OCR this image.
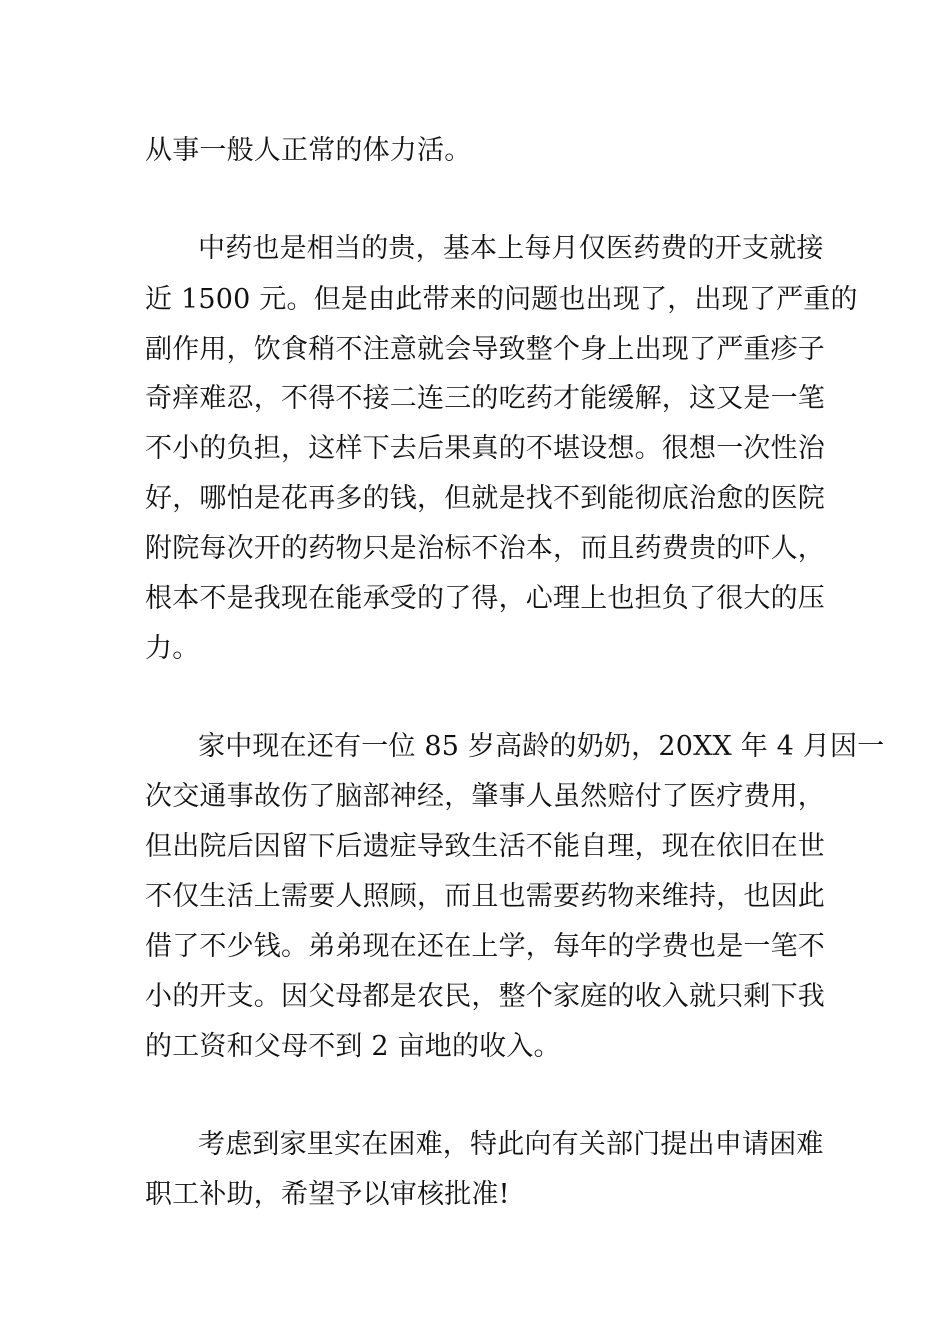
从事一般人正常的体力活。
中药也是相当的贵，基本上每月仅医药费的开支就接
近 1500 元。但是由此带来的问题也出现了，出现了严重的
副作用，饮食稍不注意就会导致整个身上出现了严重疹子
奇痒难忍，不得不接二连三的吃药才能缓解，这又是一笔
不小的负担，这样下去后果真的不堪设想。很想一次性治
好，哪怕是花再多的钱，但就是找不到能彻底治愈的医院
附院每次开的药物只是治标不治本，而且药费贵的吓人，
根本不是我现在能承受的了得，心理上也担负了很大的压
力。
家中现在还有一位 85 岁高龄的奶奶，20XX 年 4 月因一
次交通事故伤了脑部神经，肇事人虽然赔付了医疗费用，
但出院后因留下后遗症导致生活不能自理，现在依旧在世
不仅生活上需要人照顾，而且也需要药物来维持，也因此
借了不少钱。弟弟现在还在上学，每年的学费也是一笔不
小的开支。因父母都是农民，整个家庭的收入就只剩下我
的工资和父母不到 2 亩地的收入。
考虑到家里实在困难，特此向有关部门提出申请困难
职工补助，希望予以审核批准!
